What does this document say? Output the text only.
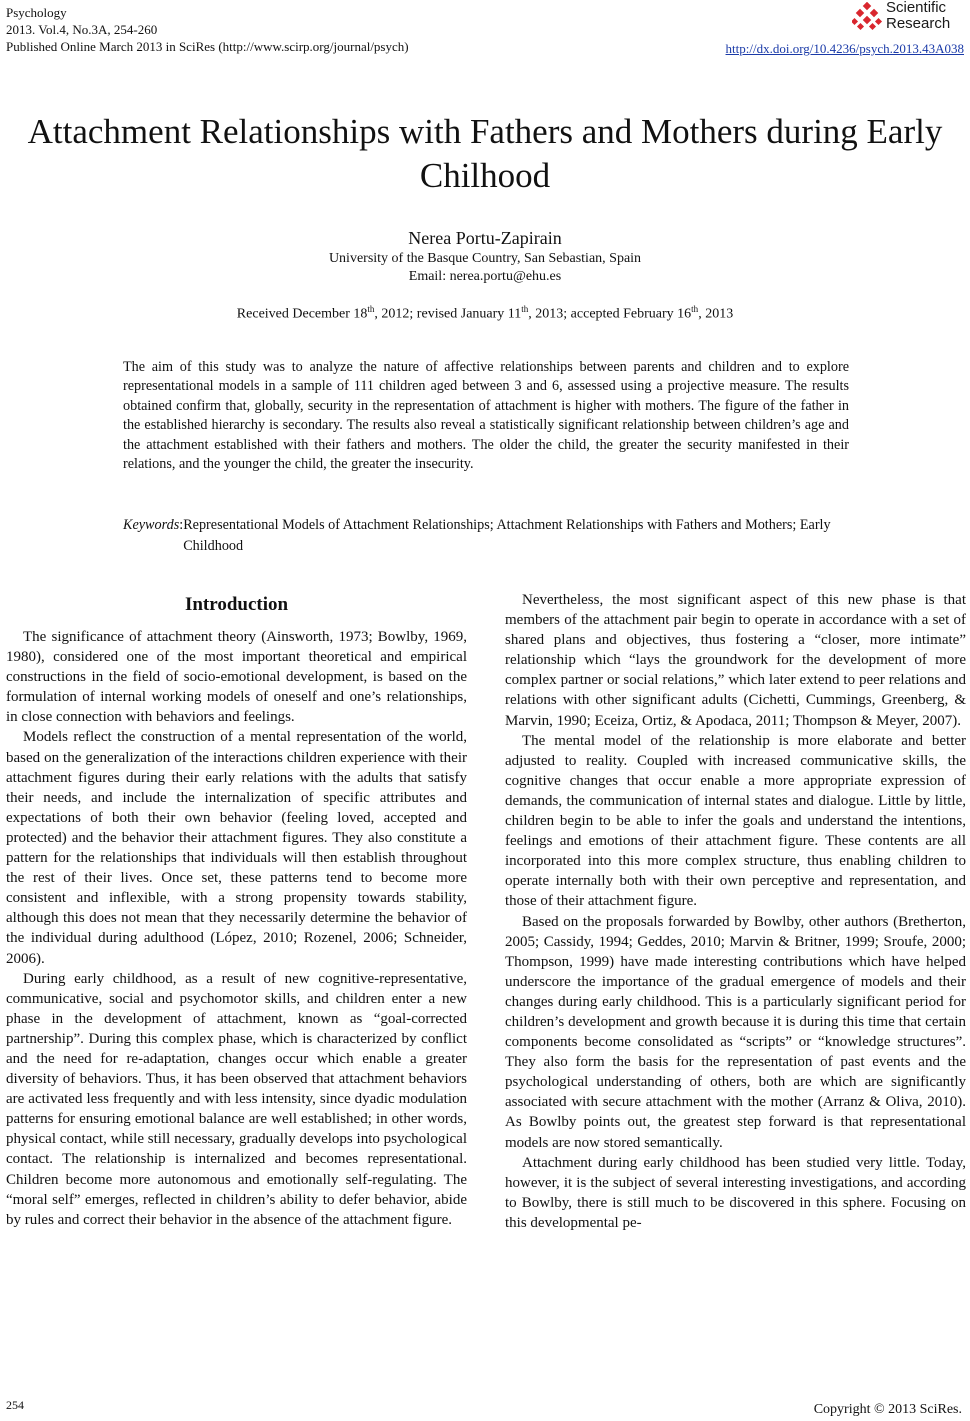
Psychology
2013. Vol.4, No.3A, 254-260
Published Online March 2013 in SciRes (http://www.scirp.org/journal/psych)
Scientific
Research
http://dx.doi.org/10.4236/psych.2013.43A038
Attachment Relationships with Fathers and Mothers during Early Chilhood
Nerea Portu-Zapirain
University of the Basque Country, San Sebastian, Spain
Email: nerea.portu@ehu.es
Received December 18th, 2012; revised January 11th, 2013; accepted February 16th, 2013
The aim of this study was to analyze the nature of affective relationships between parents and children and to explore representational models in a sample of 111 children aged between 3 and 6, assessed using a projective measure. The results obtained confirm that, globally, security in the representation of attachment is higher with mothers. The figure of the father in the established hierarchy is secondary. The results also reveal a statistically significant relationship between children’s age and the attachment established with their fathers and mothers. The older the child, the greater the security manifested in their relations, and the younger the child, the greater the insecurity.
Keywords: Representational Models of Attachment Relationships; Attachment Relationships with Fathers and Mothers; Early Childhood
Introduction

The significance of attachment theory (Ainsworth, 1973; Bowlby, 1969, 1980), considered one of the most important theoretical and empirical constructions in the field of socio-emotional development, is based on the formulation of internal working models of oneself and one’s relationships, in close connection with behaviors and feelings.

Models reflect the construction of a mental representation of the world, based on the generalization of the interactions children experience with their attachment figures during their early relations with the adults that satisfy their needs, and include the internalization of specific attributes and expectations of both their own behavior (feeling loved, accepted and protected) and the behavior their attachment figures. They also constitute a pattern for the relationships that individuals will then establish throughout the rest of their lives. Once set, these patterns tend to become more consistent and inflexible, with a strong propensity towards stability, although this does not mean that they necessarily determine the behavior of the individual during adulthood (López, 2010; Rozenel, 2006; Schneider, 2006).

During early childhood, as a result of new cognitive-representative, communicative, social and psychomotor skills, and children enter a new phase in the development of attachment, known as “goal-corrected partnership”. During this complex phase, which is characterized by conflict and the need for re-adaptation, changes occur which enable a greater diversity of behaviors. Thus, it has been observed that attachment behaviors are activated less frequently and with less intensity, since dyadic modulation patterns for ensuring emotional balance are well established; in other words, physical contact, while still necessary, gradually develops into psychological contact. The relationship is internalized and becomes representational. Children become more autonomous and emotionally self-regulating. The “moral self” emerges, reflected in children’s ability to defer behavior, abide by rules and correct their behavior in the absence of the attachment figure.

Nevertheless, the most significant aspect of this new phase is that members of the attachment pair begin to operate in accordance with a set of shared plans and objectives, thus fostering a “closer, more intimate” relationship which “lays the groundwork for the development of more complex partner or social relations,” which later extend to peer relations and relations with other significant adults (Cichetti, Cummings, Greenberg, & Marvin, 1990; Eceiza, Ortiz, & Apodaca, 2011; Thompson & Meyer, 2007).

The mental model of the relationship is more elaborate and better adjusted to reality. Coupled with increased communicative skills, the cognitive changes that occur enable a more appropriate expression of demands, the communication of internal states and dialogue. Little by little, children begin to be able to infer the goals and understand the intentions, feelings and emotions of their attachment figure. These contents are all incorporated into this more complex structure, thus enabling children to operate internally both with their own perceptive and representation, and those of their attachment figure.

Based on the proposals forwarded by Bowlby, other authors (Bretherton, 2005; Cassidy, 1994; Geddes, 2010; Marvin & Britner, 1999; Sroufe, 2000; Thompson, 1999) have made interesting contributions which have helped underscore the importance of the gradual emergence of models and their changes during early childhood. This is a particularly significant period for children’s development and growth because it is during this time that certain components become consolidated as “scripts” or “knowledge structures”. They also form the basis for the representation of past events and the psychological understanding of others, both are which are significantly associated with secure attachment with the mother (Arranz & Oliva, 2010). As Bowlby points out, the greatest step forward is that representational models are now stored semantically.

Attachment during early childhood has been studied very little. Today, however, it is the subject of several interesting investigations, and according to Bowlby, there is still much to be discovered in this sphere. Focusing on this developmental pe-

254	Copyright © 2013 SciRes.
